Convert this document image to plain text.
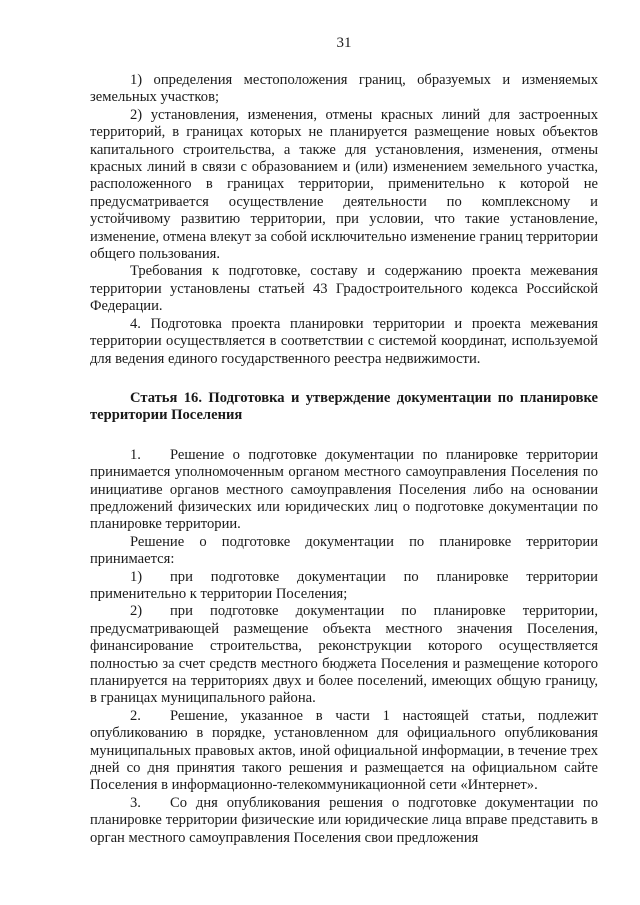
31

1) определения местоположения границ, образуемых и изменяемых земельных участков;

2) установления, изменения, отмены красных линий для застроенных территорий, в границах которых не планируется размещение новых объектов капитального строительства, а также для установления, изменения, отмены красных линий в связи с образованием и (или) изменением земельного участка, расположенного в границах территории, применительно к которой не предусматривается осуществление деятельности по комплексному и устойчивому развитию территории, при условии, что такие установление, изменение, отмена влекут за собой исключительно изменение границ территории общего пользования.

Требования к подготовке, составу и содержанию проекта межевания территории установлены статьей 43 Градостроительного кодекса Российской Федерации.

4. Подготовка проекта планировки территории и проекта межевания территории осуществляется в соответствии с системой координат, используемой для ведения единого государственного реестра недвижимости.

Статья 16. Подготовка и утверждение документации по планировке территории Поселения

1. Решение о подготовке документации по планировке территории принимается уполномоченным органом местного самоуправления Поселения по инициативе органов местного самоуправления Поселения либо на основании предложений физических или юридических лиц о подготовке документации по планировке территории.

Решение о подготовке документации по планировке территории принимается:

1) при подготовке документации по планировке территории применительно к территории Поселения;

2) при подготовке документации по планировке территории, предусматривающей размещение объекта местного значения Поселения, финансирование строительства, реконструкции которого осуществляется полностью за счет средств местного бюджета Поселения и размещение которого планируется на территориях двух и более поселений, имеющих общую границу, в границах муниципального района.

2. Решение, указанное в части 1 настоящей статьи, подлежит опубликованию в порядке, установленном для официального опубликования муниципальных правовых актов, иной официальной информации, в течение трех дней со дня принятия такого решения и размещается на официальном сайте Поселения в информационно-телекоммуникационной сети «Интернет».

3. Со дня опубликования решения о подготовке документации по планировке территории физические или юридические лица вправе представить в орган местного самоуправления Поселения свои предложения
